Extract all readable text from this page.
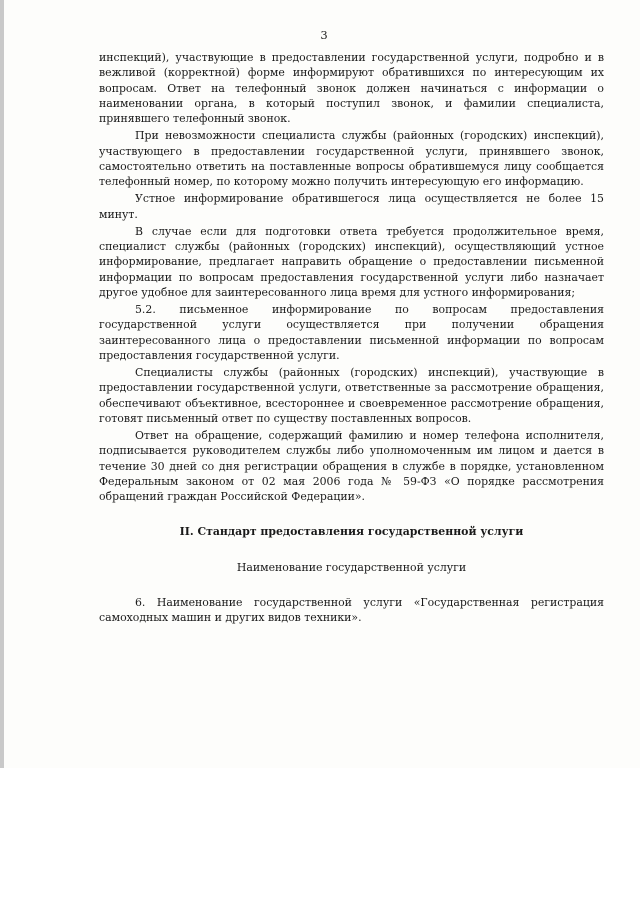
3

инспекций), участвующие в предоставлении государственной услуги, подробно и в вежливой (корректной) форме информируют обратившихся по интересующим их вопросам. Ответ на телефонный звонок должен начинаться с информации о наименовании органа, в который поступил звонок, и фамилии специалиста, принявшего телефонный звонок.

При невозможности специалиста службы (районных (городских) инспекций), участвующего в предоставлении государственной услуги, принявшего звонок, самостоятельно ответить на поставленные вопросы обратившемуся лицу сообщается телефонный номер, по которому можно получить интересующую его информацию.

Устное информирование обратившегося лица осуществляется не более 15 минут.

В случае если для подготовки ответа требуется продолжительное время, специалист службы (районных (городских) инспекций), осуществляющий устное информирование, предлагает направить обращение о предоставлении письменной информации по вопросам предоставления государственной услуги либо назначает другое удобное для заинтересованного лица время для устного информирования;

5.2. письменное информирование по вопросам предоставления государственной услуги осуществляется при получении обращения заинтересованного лица о предоставлении письменной информации по вопросам предоставления государственной услуги.

Специалисты службы (районных (городских) инспекций), участвующие в предоставлении государственной услуги, ответственные за рассмотрение обращения, обеспечивают объективное, всестороннее и своевременное рассмотрение обращения, готовят письменный ответ по существу поставленных вопросов.

Ответ на обращение, содержащий фамилию и номер телефона исполнителя, подписывается руководителем службы либо уполномоченным им лицом и дается в течение 30 дней со дня регистрации обращения в службе в порядке, установленном Федеральным законом от 02 мая 2006 года № 59-ФЗ «О порядке рассмотрения обращений граждан Российской Федерации».

II. Стандарт предоставления государственной услуги
Наименование государственной услуги

6. Наименование государственной услуги «Государственная регистрация самоходных машин и других видов техники».
